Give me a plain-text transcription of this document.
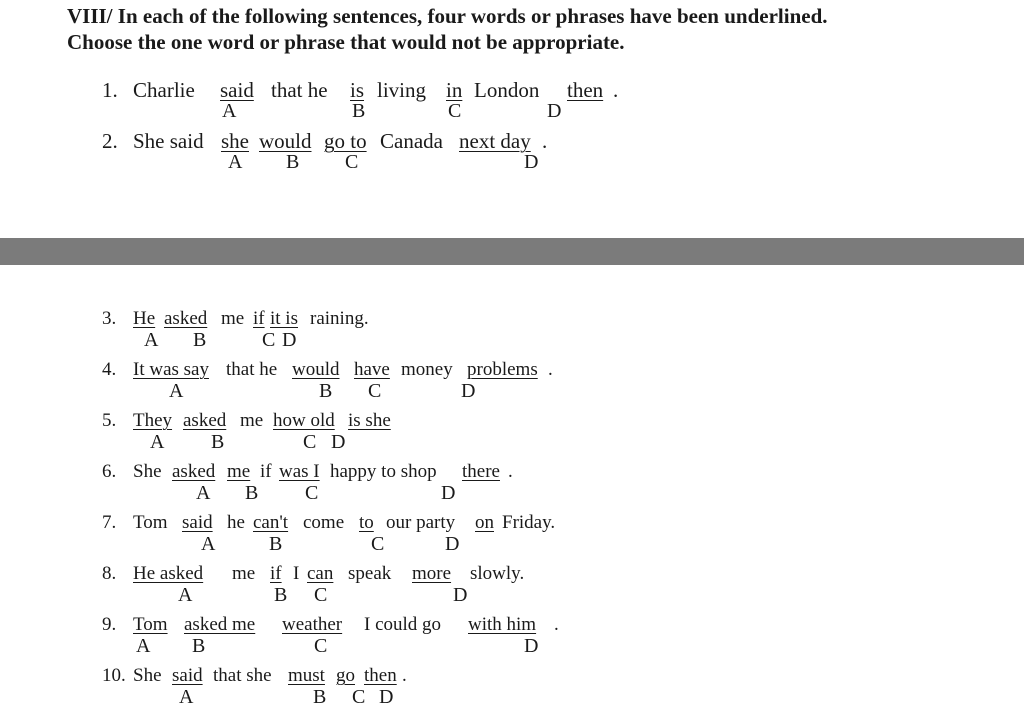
VIII/ In each of the following sentences, four words or phrases have been underlined.
Choose the one word or phrase that would not be appropriate.
1. Charlie said that he is living in London then .
A	B	C	D
2. She said she would go to Canada next day .
A B C	D
3. He asked me if it is raining.
A B	C D
4. It was say that he would have money problems .
A	B C	D
5. They asked me how old is she
A B	C D
6. She asked me if was I happy to shop there .
A B C	D
7. Tom said he can't come to our party on Friday.
A	B	C	D
8. He asked me if I can speak more slowly.
A	B C	D
9. Tom asked me weather I could go with him .
A B	C	D
10. She said that she must go then .
A	B C D
